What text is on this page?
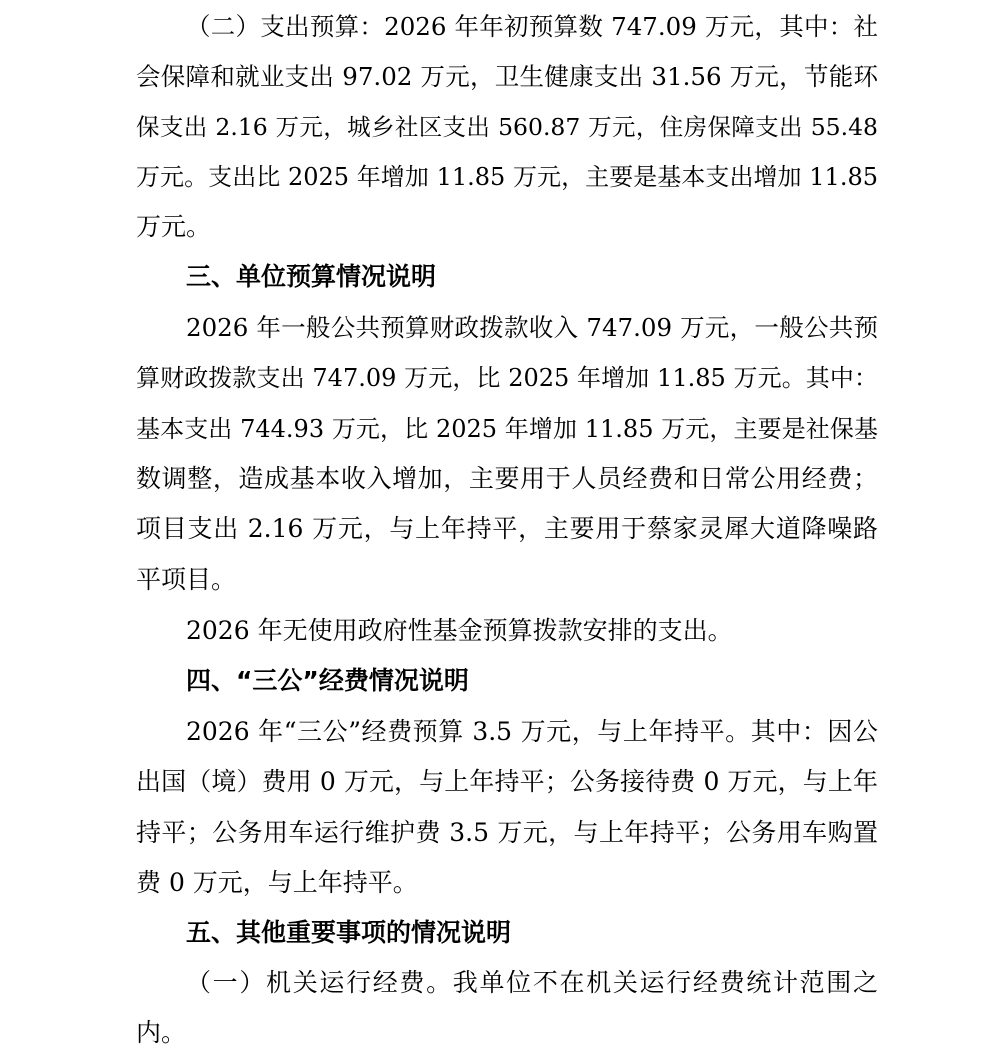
（二）支出预算：2026 年年初预算数 747.09 万元，其中：社
会保障和就业支出 97.02 万元，卫生健康支出 31.56 万元，节能环
保支出 2.16 万元，城乡社区支出 560.87 万元，住房保障支出 55.48
万元。支出比 2025 年增加 11.85 万元，主要是基本支出增加 11.85
万元。
三、单位预算情况说明
2026 年一般公共预算财政拨款收入 747.09 万元，一般公共预
算财政拨款支出 747.09 万元，比 2025 年增加 11.85 万元。其中：
基本支出 744.93 万元，比 2025 年增加 11.85 万元，主要是社保基
数调整，造成基本收入增加，主要用于人员经费和日常公用经费；
项目支出 2.16 万元，与上年持平，主要用于蔡家灵犀大道降噪路
平项目。
2026 年无使用政府性基金预算拨款安排的支出。
四、“三公”经费情况说明
2026 年“三公”经费预算 3.5 万元，与上年持平。其中：因公
出国（境）费用 0 万元，与上年持平；公务接待费 0 万元，与上年
持平；公务用车运行维护费 3.5 万元，与上年持平；公务用车购置
费 0 万元，与上年持平。
五、其他重要事项的情况说明
（一）机关运行经费。我单位不在机关运行经费统计范围之
内。
